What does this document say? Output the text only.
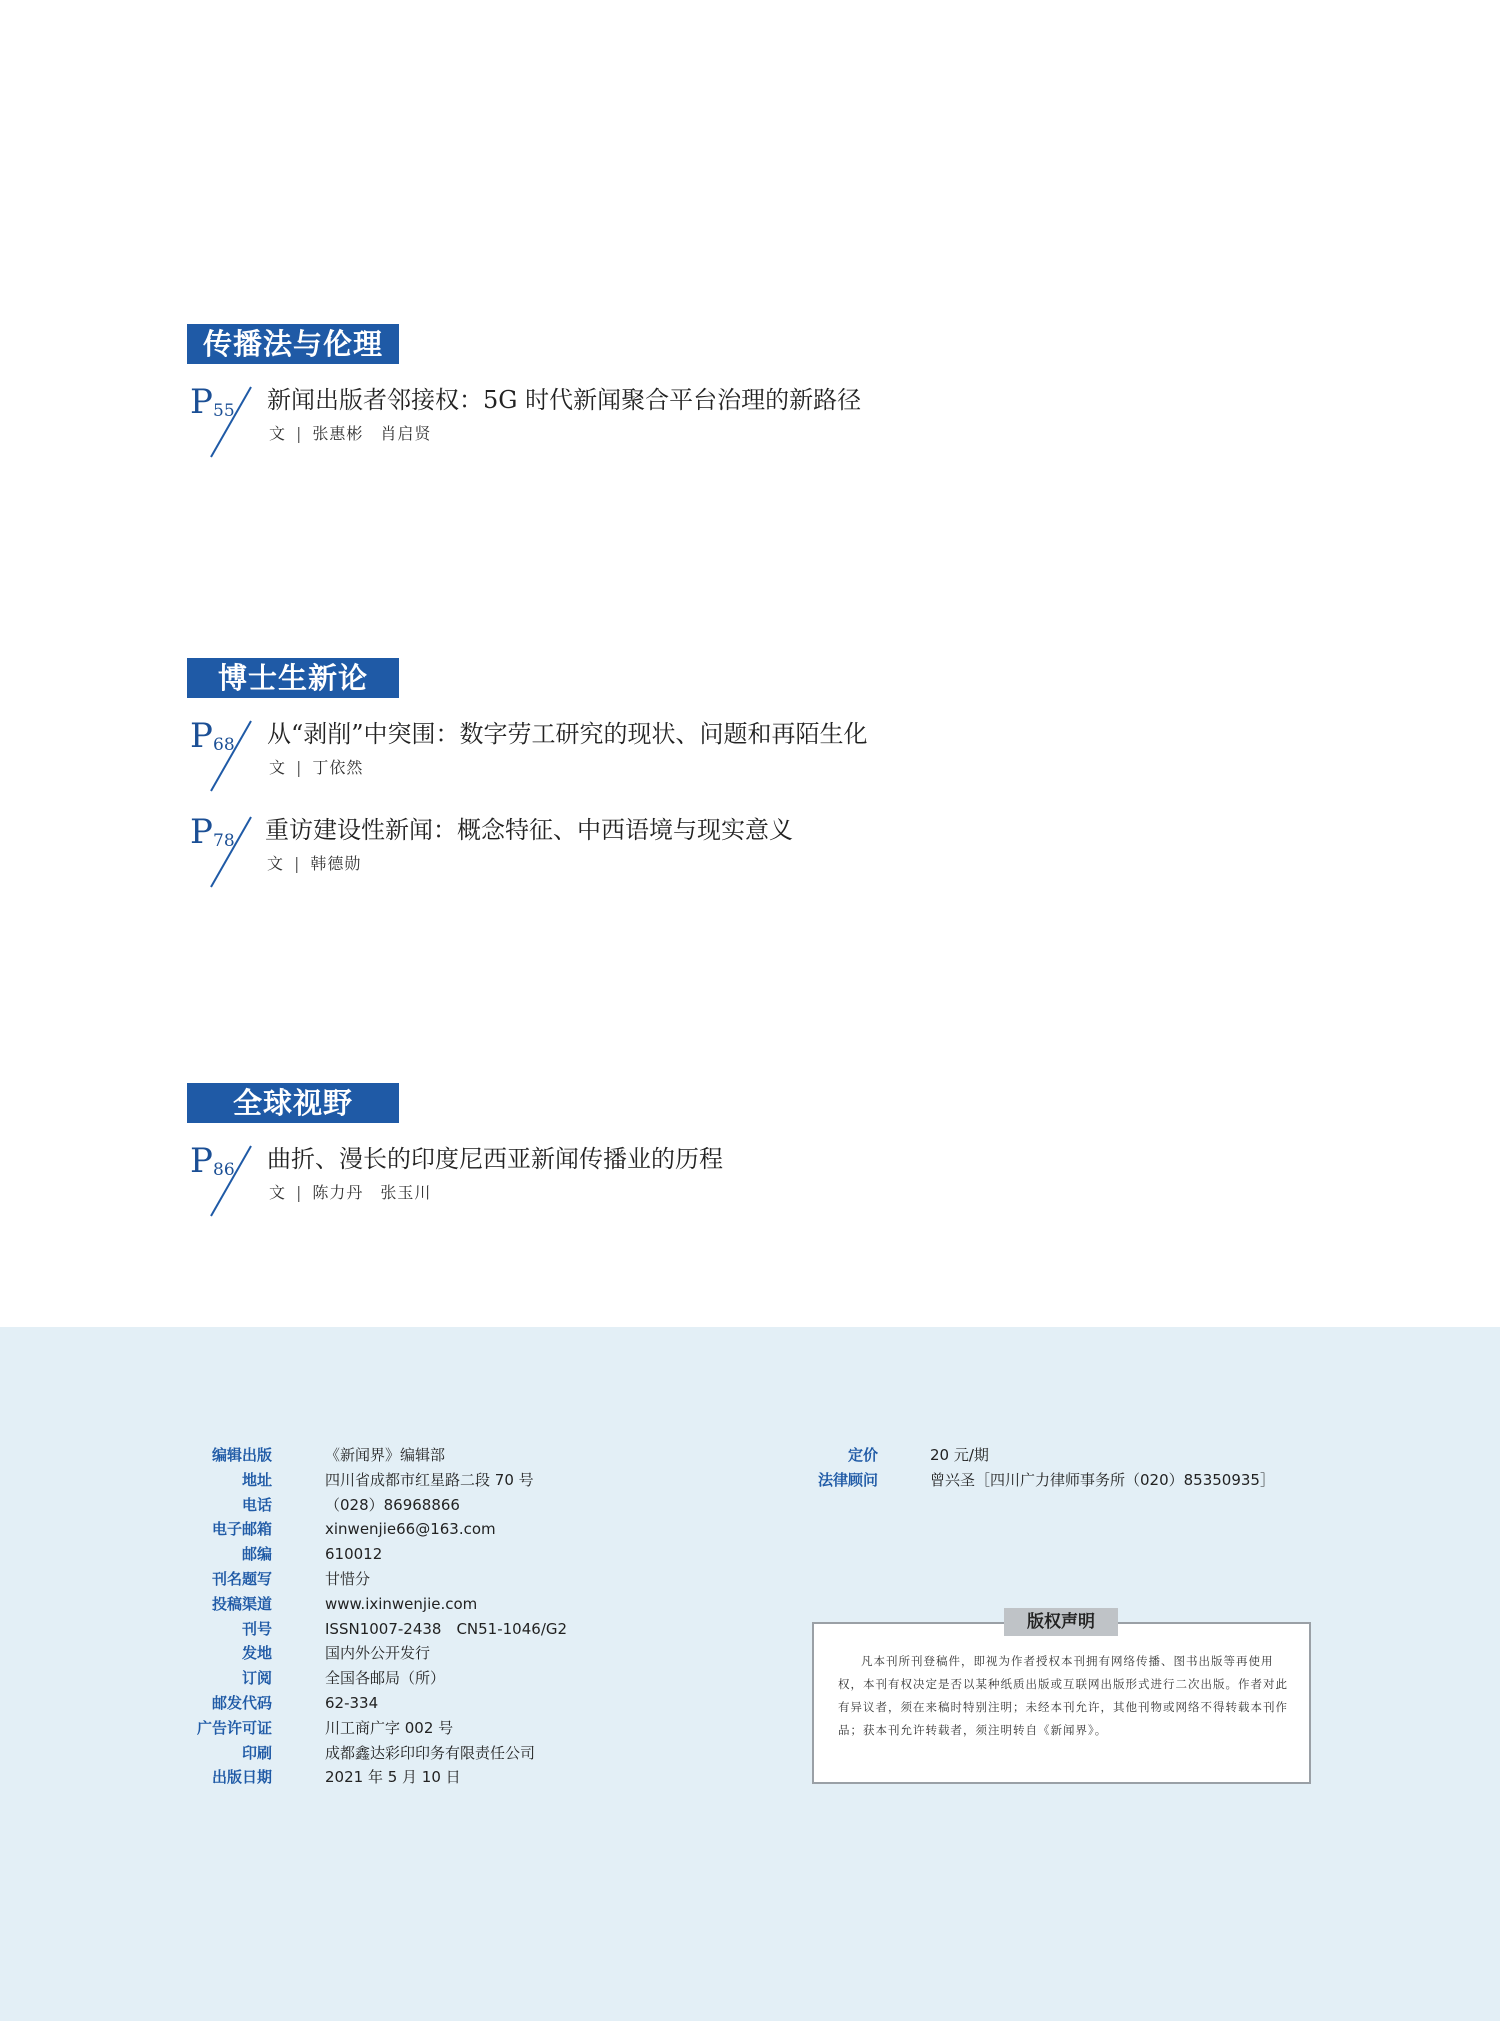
传播法与伦理
P 55 新闻出版者邻接权：5G 时代新闻聚合平台治理的新路径
文 | 张惠彬　肖启贤
博士生新论
P 68 从“剥削”中突围：数字劳工研究的现状、问题和再陌生化
文 | 丁依然
P 78 重访建设性新闻：概念特征、中西语境与现实意义
文 | 韩德勋
全球视野
P 86 曲折、漫长的印度尼西亚新闻传播业的历程
文 | 陈力丹　张玉川
编辑出版	《新闻界》编辑部
地址	四川省成都市红星路二段 70 号
电话	（028）86968866
电子邮箱	xinwenjie66@163.com
邮编	610012
刊名题写	甘惜分
投稿渠道	www.ixinwenjie.com
刊号	ISSN1007-2438　CN51-1046/G2
发地	国内外公开发行
订阅	全国各邮局（所）
邮发代码	62-334
广告许可证	川工商广字 002 号
印刷	成都鑫达彩印印务有限责任公司
出版日期	2021 年 5 月 10 日
定价	20 元/期
法律顾问	曾兴圣［四川广力律师事务所（020）85350935］
版权声明
凡本刊所刊登稿件，即视为作者授权本刊拥有网络传播、图书出版等再使用权，本刊有权决定是否以某种纸质出版或互联网出版形式进行二次出版。作者对此有异议者，须在来稿时特别注明；未经本刊允许，其他刊物或网络不得转载本刊作品；获本刊允许转载者，须注明转自《新闻界》。
